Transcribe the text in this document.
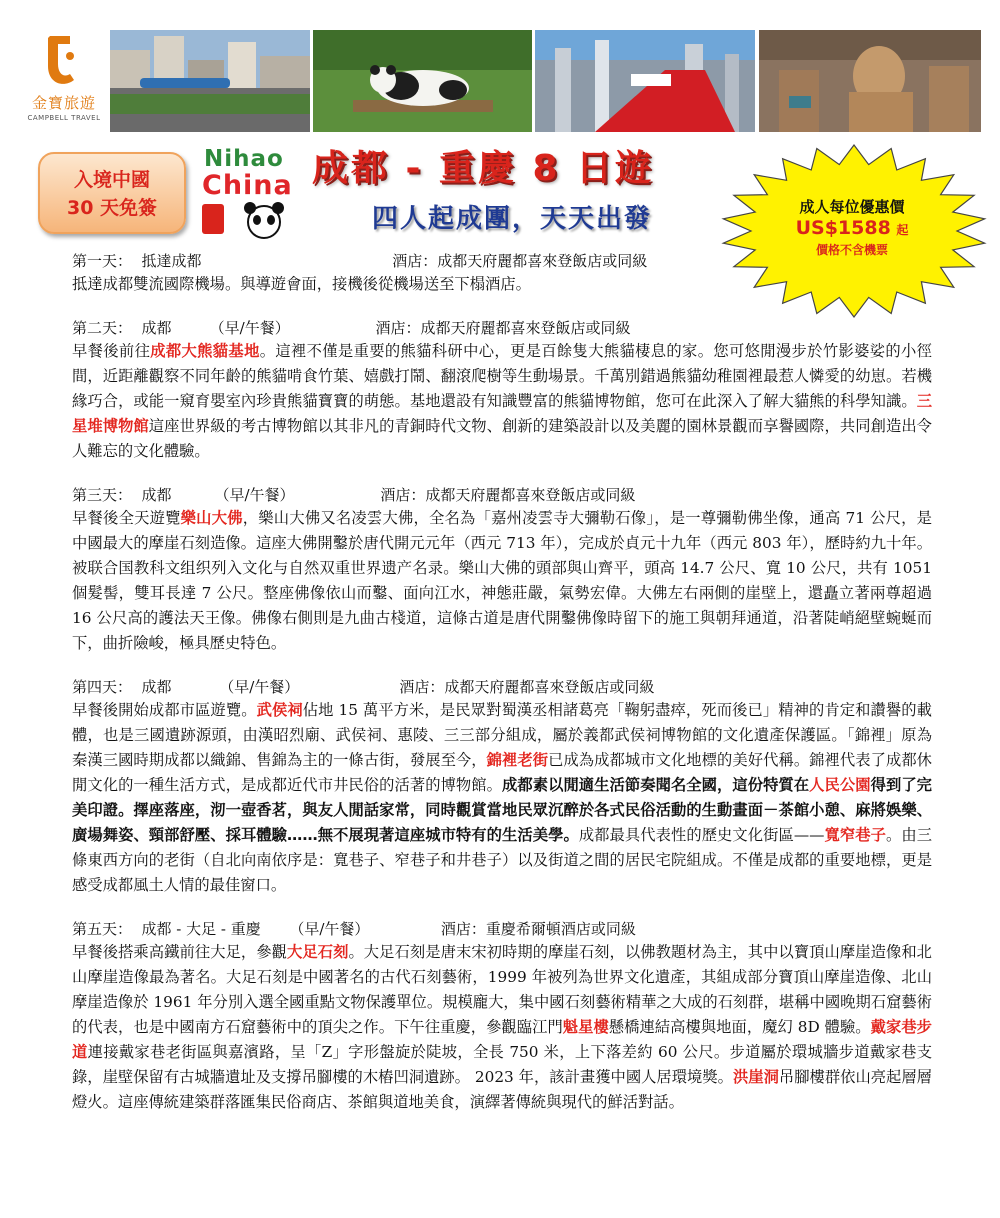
金寶旅遊
CAMPBELL TRAVEL
入境中國
30 天免簽
Nihao
China 成都 - 重慶 8 日遊
四人起成團，天天出發	成人每位優惠價
US$1588 起
價格不含機票
第一天：  抵達成都                                        酒店：成都天府麗都喜來登飯店或同級

抵達成都雙流國際機場。與導遊會面，接機後從機場送至下榻酒店。

第二天：  成都        （早/午餐）                  酒店：成都天府麗都喜來登飯店或同級

早餐後前往成都大熊貓基地。這裡不僅是重要的熊貓科研中心，更是百餘隻大熊貓棲息的家。您可悠閒漫步於竹影婆娑的小徑間，近距離觀察不同年齡的熊貓啃食竹葉、嬉戲打鬧、翻滾爬樹等生動場景。千萬別錯過熊貓幼稚園裡最惹人憐愛的幼崽。若機緣巧合，或能一窺育嬰室內珍貴熊貓寶寶的萌態。基地還設有知識豐富的熊貓博物館，您可在此深入了解大貓熊的科學知識。三星堆博物館這座世界級的考古博物館以其非凡的青銅時代文物、創新的建築設計以及美麗的園林景觀而享譽國際，共同創造出令人難忘的文化體驗。

第三天：  成都         （早/午餐）                  酒店：成都天府麗都喜來登飯店或同級

早餐後全天遊覽樂山大佛，樂山大佛又名凌雲大佛，全名為「嘉州凌雲寺大彌勒石像」，是一尊彌勒佛坐像，通高 71 公尺，是中國最大的摩崖石刻造像。這座大佛開鑿於唐代開元元年（西元 713 年），完成於貞元十九年（西元 803 年），歷時約九十年。被联合国教科文组织列入文化与自然双重世界遗产名录。樂山大佛的頭部與山齊平，頭高 14.7 公尺、寬 10 公尺，共有 1051 個髮髻，雙耳長達 7 公尺。整座佛像依山而鑿、面向江水，神態莊嚴，氣勢宏偉。大佛左右兩側的崖壁上，還矗立著兩尊超過 16 公尺高的護法天王像。佛像右側則是九曲古棧道，這條古道是唐代開鑿佛像時留下的施工與朝拜通道，沿著陡峭絕壁蜿蜒而下，曲折險峻，極具歷史特色。

第四天：  成都          （早/午餐）                     酒店：成都天府麗都喜來登飯店或同級

早餐後開始成都市區遊覽。武侯祠佔地 15 萬平方米，是民眾對蜀漢丞相諸葛亮「鞠躬盡瘁，死而後已」精神的肯定和讚譽的載體，也是三國遺跡源頭，由漢昭烈廟、武侯祠、惠陵、三三部分組成，屬於義都武侯祠博物館的文化遺產保護區。「錦裡」原為秦漢三國時期成都以織錦、售錦為主的一條古街，發展至今，錦裡老街已成為成都城市文化地標的美好代稱。錦裡代表了成都休閒文化的一種生活方式，是成都近代市井民俗的活著的博物館。成都素以閒適生活節奏聞名全國，這份特質在人民公園得到了完美印證。擇座落座，沏一壺香茗，與友人閒話家常，同時觀賞當地民眾沉醉於各式民俗活動的生動畫面－茶館小憩、麻將娛樂、廣場舞姿、頸部舒壓、採耳體驗……無不展現著這座城市特有的生活美學。成都最具代表性的歷史文化街區——寬窄巷子。由三條東西方向的老街（自北向南依序是：寬巷子、窄巷子和井巷子）以及街道之間的居民宅院組成。不僅是成都的重要地標，更是感受成都風土人情的最佳窗口。

第五天：  成都 - 大足 - 重慶      （早/午餐）               酒店：重慶希爾頓酒店或同級

早餐後搭乘高鐵前往大足，參觀大足石刻。大足石刻是唐末宋初時期的摩崖石刻，以佛教題材為主，其中以寶頂山摩崖造像和北山摩崖造像最為著名。大足石刻是中國著名的古代石刻藝術，1999 年被列為世界文化遺產，其組成部分寶頂山摩崖造像、北山摩崖造像於 1961 年分別入選全國重點文物保護單位。規模龐大，集中國石刻藝術精華之大成的石刻群，堪稱中國晚期石窟藝術的代表，也是中國南方石窟藝術中的頂尖之作。下午往重慶，參觀臨江門魁星樓懸橋連結高樓與地面，魔幻 8D 體驗。戴家巷步道連接戴家巷老街區與嘉濱路，呈「Z」字形盤旋於陡坡，全長 750 米，上下落差約 60 公尺。步道屬於環城牆步道戴家巷支錄，崖壁保留有古城牆遺址及支撐吊腳樓的木樁凹洞遺跡。 2023 年，該計畫獲中國人居環境獎。洪崖洞吊腳樓群依山亮起層層燈火。這座傳統建築群落匯集民俗商店、茶館與道地美食，演繹著傳統與現代的鮮活對話。
